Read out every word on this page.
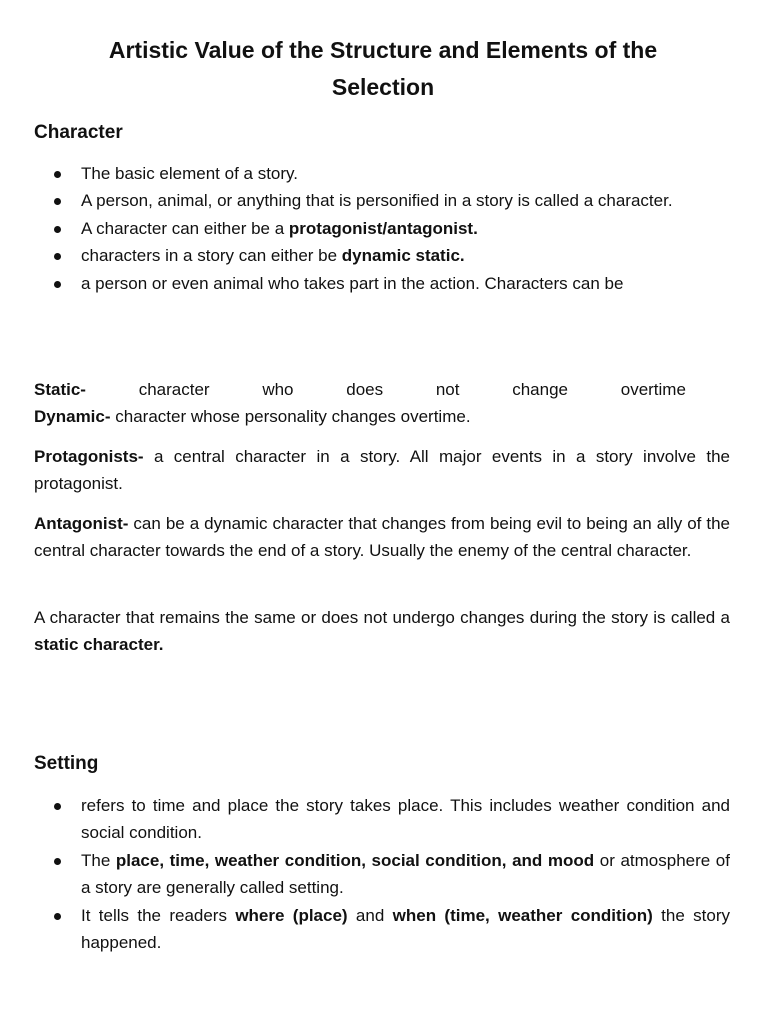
Artistic Value of the Structure and Elements of the Selection
Character
The basic element of a story.
A person, animal, or anything that is personified in a story is called a character.
A character can either be a protagonist/antagonist.
characters in a story can either be dynamic static.
a person or even animal who takes part in the action. Characters can be
Static-	character	who	does	not	change	overtime

Dynamic- character whose personality changes overtime.

Protagonists- a central character in a story. All major events in a story involve the protagonist.

Antagonist- can be a dynamic character that changes from being evil to being an ally of the central character towards the end of a story. Usually the enemy of the central character.

A character that remains the same or does not undergo changes during the story is called a static character.

Setting
refers to time and place the story takes place. This includes weather condition and social condition.
The place, time, weather condition, social condition, and mood or atmosphere of a story are generally called setting.
It tells the readers where (place) and when (time, weather condition) the story happened.
